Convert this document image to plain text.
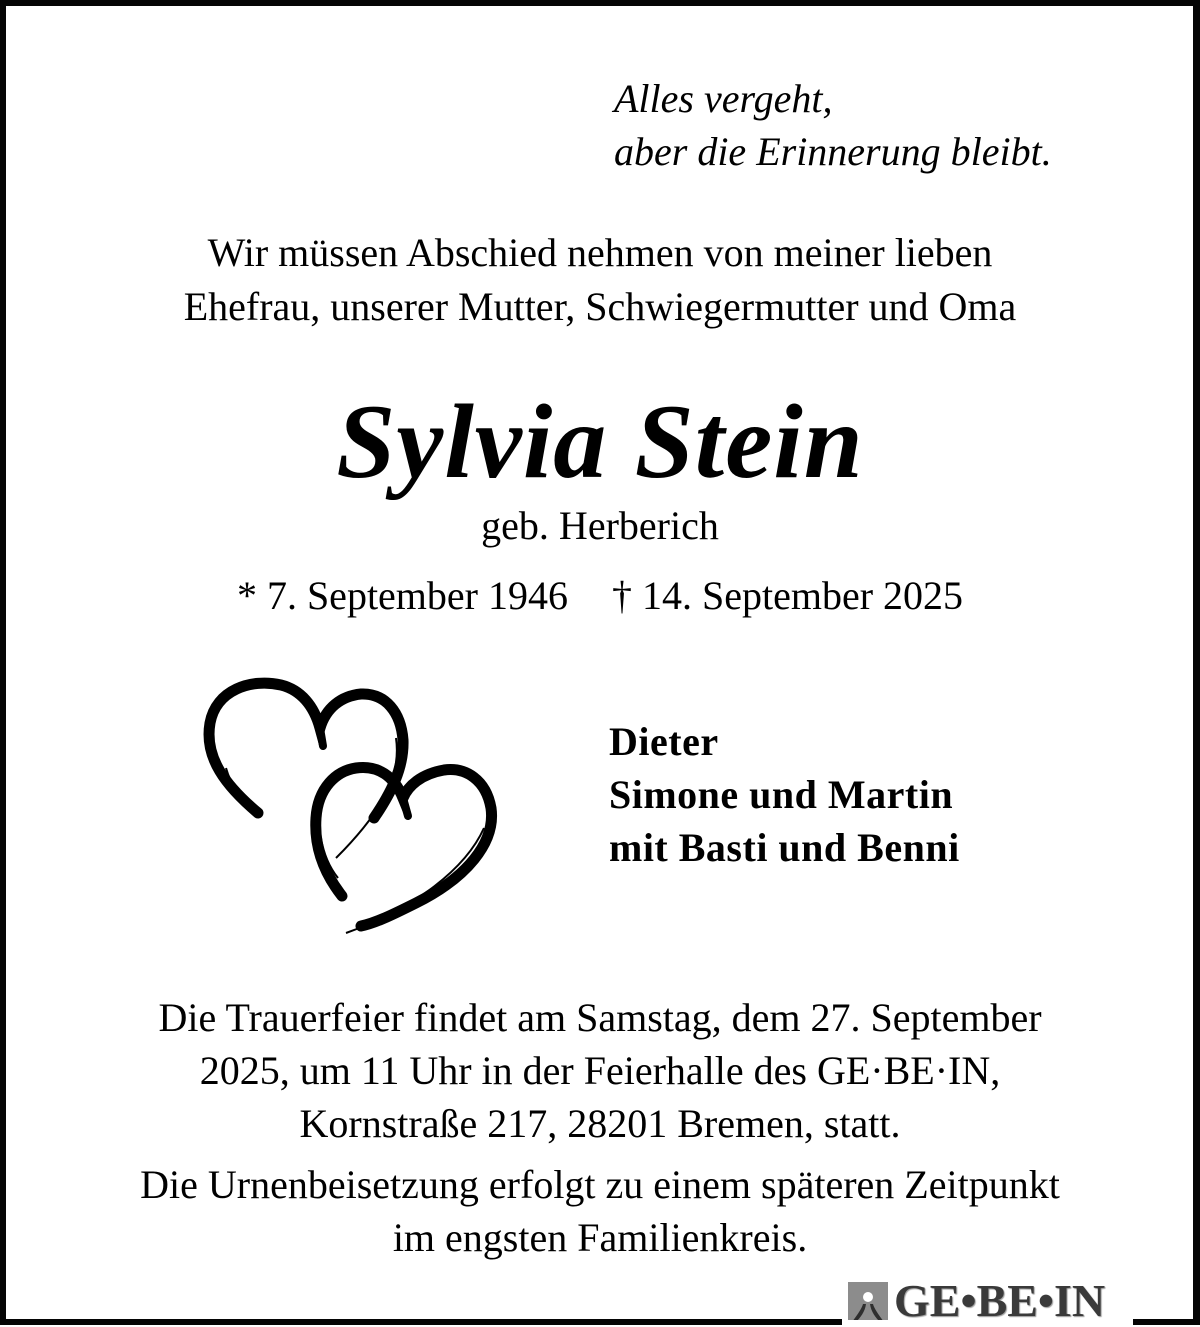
Alles vergeht,
aber die Erinnerung bleibt.
Wir müssen Abschied nehmen von meiner lieben
Ehefrau, unserer Mutter, Schwiegermutter und Oma
Sylvia Stein
geb. Herberich
* 7. September 1946 † 14. September 2025
Dieter
Simone und Martin
mit Basti und Benni
Die Trauerfeier findet am Samstag, dem 27. September
2025, um 11 Uhr in der Feierhalle des GE·BE·IN,
Kornstraße 217, 28201 Bremen, statt.
Die Urnenbeisetzung erfolgt zu einem späteren Zeitpunkt
im engsten Familienkreis.
GE•BE•IN
